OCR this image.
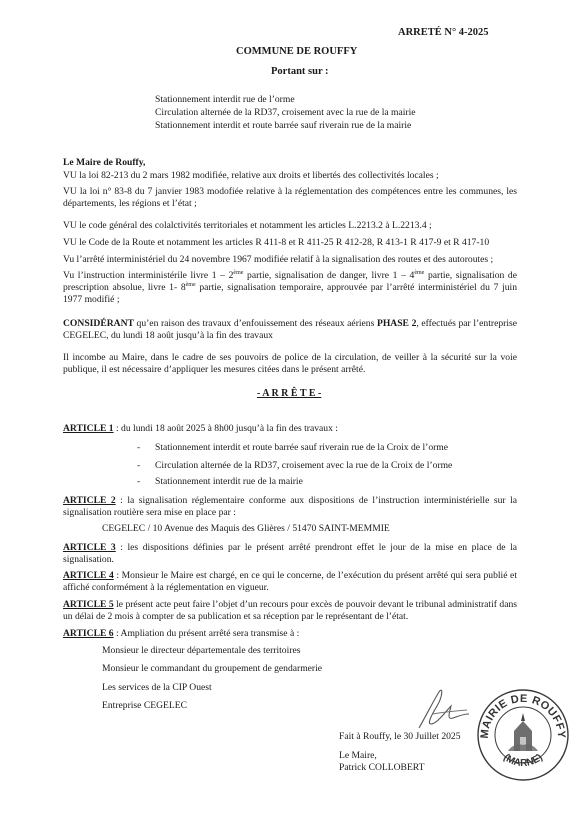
ARRETÉ N° 4-2025
COMMUNE DE ROUFFY
Portant sur :
Stationnement interdit rue de l’orme
Circulation alternée de la RD37, croisement avec la rue de la mairie
Stationnement interdit et route barrée sauf riverain rue de la mairie
Le Maire de Rouffy,
VU la loi 82-213 du 2 mars 1982 modifiée, relative aux droits et libertés des collectivités locales ;
VU la loi n° 83-8 du 7 janvier 1983 modofiée relative à la réglementation des compétences entre les communes, les départements, les régions et l’état ;
VU le code général des colalctivités territoriales et notamment les articles L.2213.2 à L.2213.4 ;
VU le Code de la Route et notamment les articles R 411-8 et R 411-25 R 412-28, R 413-1 R 417-9 et R 417-10
Vu l’arrêté interministériel du 24 novembre 1967 modifiée relatif à la signalisation des routes et des autoroutes ;
Vu l’instruction interministérile livre 1 – 2ème partie, signalisation de danger, livre 1 – 4ème partie, signalisation de prescription absolue, livre 1- 8ème partie, signalisation temporaire, approuvée par l’arrêté interministériel du 7 juin 1977 modifié ;
CONSIDÉRANT qu’en raison des travaux d’enfouissement des réseaux aériens PHASE 2, effectués par l’entreprise CEGELEC, du lundi 18 août jusqu’à la fin des travaux
Il incombe au Maire, dans le cadre de ses pouvoirs de police de la circulation, de veiller à la sécurité sur la voie publique, il est nécessaire d’appliquer les mesures citées dans le présent arrêté.
- A R R Ê T E -
ARTICLE 1 : du lundi 18 août 2025 à 8h00 jusqu’à la fin des travaux :
- Stationnement interdit et route barrée sauf riverain rue de la Croix de l’orme
- Circulation alternée de la RD37, croisement avec la rue de la Croix de l’orme
- Stationnement interdit rue de la mairie
ARTICLE 2 : la signalisation réglementaire conforme aux dispositions de l’instruction interministérielle sur la signalisation routière sera mise en place par :
CEGELEC / 10 Avenue des Maquis des Glières / 51470 SAINT-MEMMIE
ARTICLE 3 : les dispositions définies par le présent arrêté prendront effet le jour de la mise en place de la signalisation.
ARTICLE 4 : Monsieur le Maire est chargé, en ce qui le concerne, de l’exécution du présent arrêté qui sera publié et affiché conformément à la réglementation en vigueur.
ARTICLE 5 le présent acte peut faire l’objet d’un recours pour excès de pouvoir devant le tribunal administratif dans un délai de 2 mois à compter de sa publication et sa réception par le représentant de l’état.
ARTICLE 6 : Ampliation du présent arrêté sera transmise à :
Monsieur le directeur départementale des territoires
Monsieur le commandant du groupement de gendarmerie
Les services de la CIP Ouest
Entreprise CEGELEC
Fait à Rouffy, le 30 Juillet 2025
Le Maire,
Patrick COLLOBERT
MAIRIE DE ROUFFY
(MARNE)
